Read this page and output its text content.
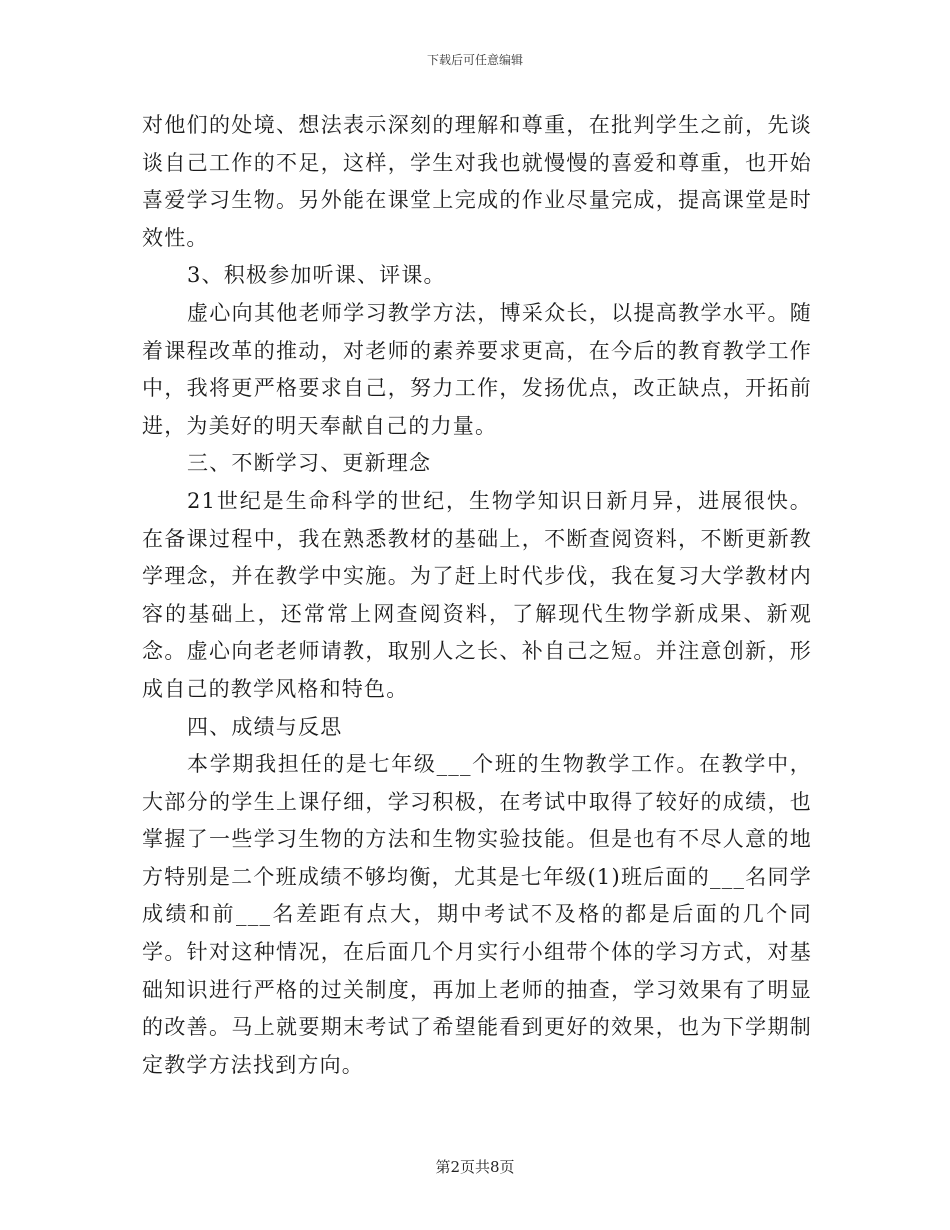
下载后可任意编辑

对他们的处境、想法表示深刻的理解和尊重，在批判学生之前，先谈谈自己工作的不足，这样，学生对我也就慢慢的喜爱和尊重，也开始喜爱学习生物。另外能在课堂上完成的作业尽量完成，提高课堂是时效性。

3、积极参加听课、评课。

虚心向其他老师学习教学方法，博采众长，以提高教学水平。随着课程改革的推动，对老师的素养要求更高，在今后的教育教学工作中，我将更严格要求自己，努力工作，发扬优点，改正缺点，开拓前进，为美好的明天奉献自己的力量。

三、不断学习、更新理念

21世纪是生命科学的世纪，生物学知识日新月异，进展很快。在备课过程中，我在熟悉教材的基础上，不断查阅资料，不断更新教学理念，并在教学中实施。为了赶上时代步伐，我在复习大学教材内容的基础上，还常常上网查阅资料，了解现代生物学新成果、新观念。虚心向老老师请教，取别人之长、补自己之短。并注意创新，形成自己的教学风格和特色。

四、成绩与反思

本学期我担任的是七年级___个班的生物教学工作。在教学中，大部分的学生上课仔细，学习积极，在考试中取得了较好的成绩，也掌握了一些学习生物的方法和生物实验技能。但是也有不尽人意的地方特别是二个班成绩不够均衡，尤其是七年级(1)班后面的___名同学成绩和前___名差距有点大，期中考试不及格的都是后面的几个同学。针对这种情况，在后面几个月实行小组带个体的学习方式，对基础知识进行严格的过关制度，再加上老师的抽查，学习效果有了明显的改善。马上就要期末考试了希望能看到更好的效果，也为下学期制定教学方法找到方向。

第2页共8页
